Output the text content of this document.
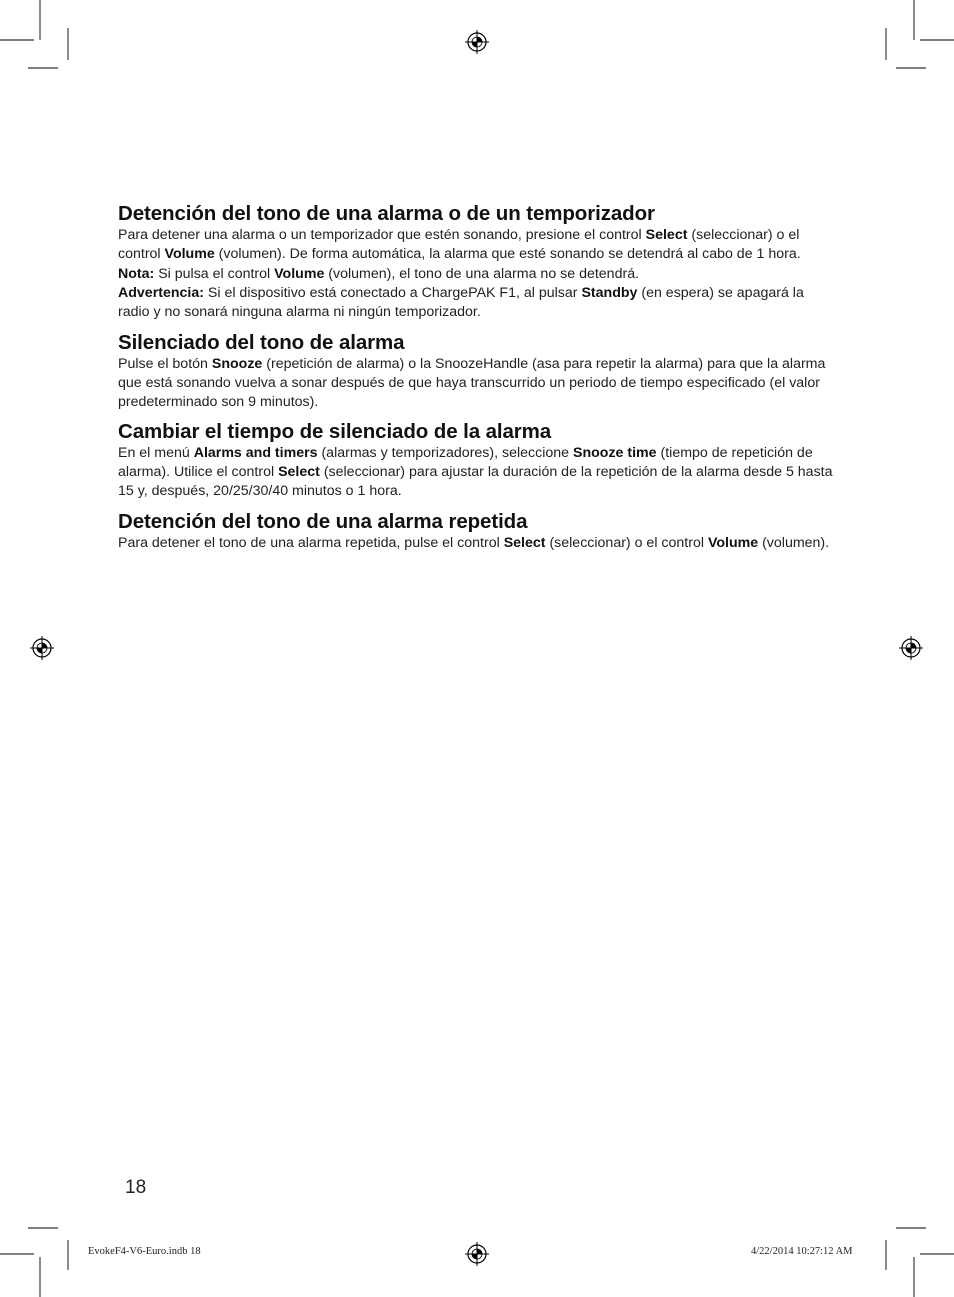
Detención del tono de una alarma o de un temporizador

Para detener una alarma o un temporizador que estén sonando, presione el control Select (seleccionar) o el control Volume (volumen). De forma automática, la alarma que esté sonando se detendrá al cabo de 1 hora.

Nota: Si pulsa el control Volume (volumen), el tono de una alarma no se detendrá.

Advertencia: Si el dispositivo está conectado a ChargePAK F1, al pulsar Standby (en espera) se apagará la radio y no sonará ninguna alarma ni ningún temporizador.

Silenciado del tono de alarma

Pulse el botón Snooze (repetición de alarma) o la SnoozeHandle (asa para repetir la alarma) para que la alarma que está sonando vuelva a sonar después de que haya transcurrido un periodo de tiempo especificado (el valor predeterminado son 9 minutos).

Cambiar el tiempo de silenciado de la alarma

En el menú Alarms and timers (alarmas y temporizadores), seleccione Snooze time (tiempo de repetición de alarma). Utilice el control Select (seleccionar) para ajustar la duración de la repetición de la alarma desde 5 hasta 15 y, después, 20/25/30/40 minutos o 1 hora.

Detención del tono de una alarma repetida

Para detener el tono de una alarma repetida, pulse el control Select (seleccionar) o el control Volume (volumen).

18
EvokeF4-V6-Euro.indb 18	4/22/2014 10:27:12 AM
